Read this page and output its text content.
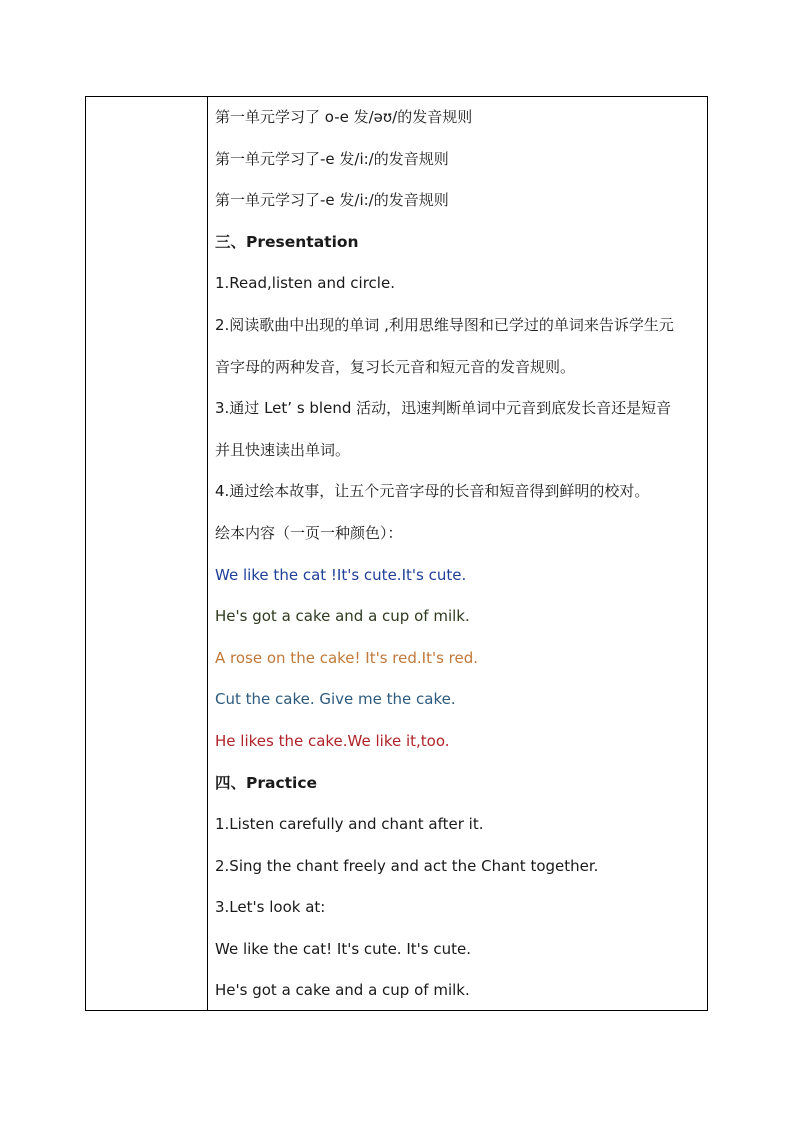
第一单元学习了 o-e 发/əʊ/的发音规则
第一单元学习了-e 发/i:/的发音规则
第一单元学习了-e 发/i:/的发音规则
三、Presentation
1.Read,listen and circle.
2.阅读歌曲中出现的单词 ,利用思维导图和已学过的单词来告诉学生元
音字母的两种发音，复习长元音和短元音的发音规则。
3.通过 Let’ s blend 活动，迅速判断单词中元音到底发长音还是短音
并且快速读出单词。
4.通过绘本故事，让五个元音字母的长音和短音得到鲜明的校对。
绘本内容（一页一种颜色）：
We like the cat !It's cute.It's cute.
He's got a cake and a cup of milk.
A rose on the cake! It's red.It's red.
Cut the cake. Give me the cake.
He likes the cake.We like it,too.
四、Practice
1.Listen carefully and chant after it.
2.Sing the chant freely and act the Chant together.
3.Let's look at:
We like the cat! It's cute. It's cute.
He's got a cake and a cup of milk.
